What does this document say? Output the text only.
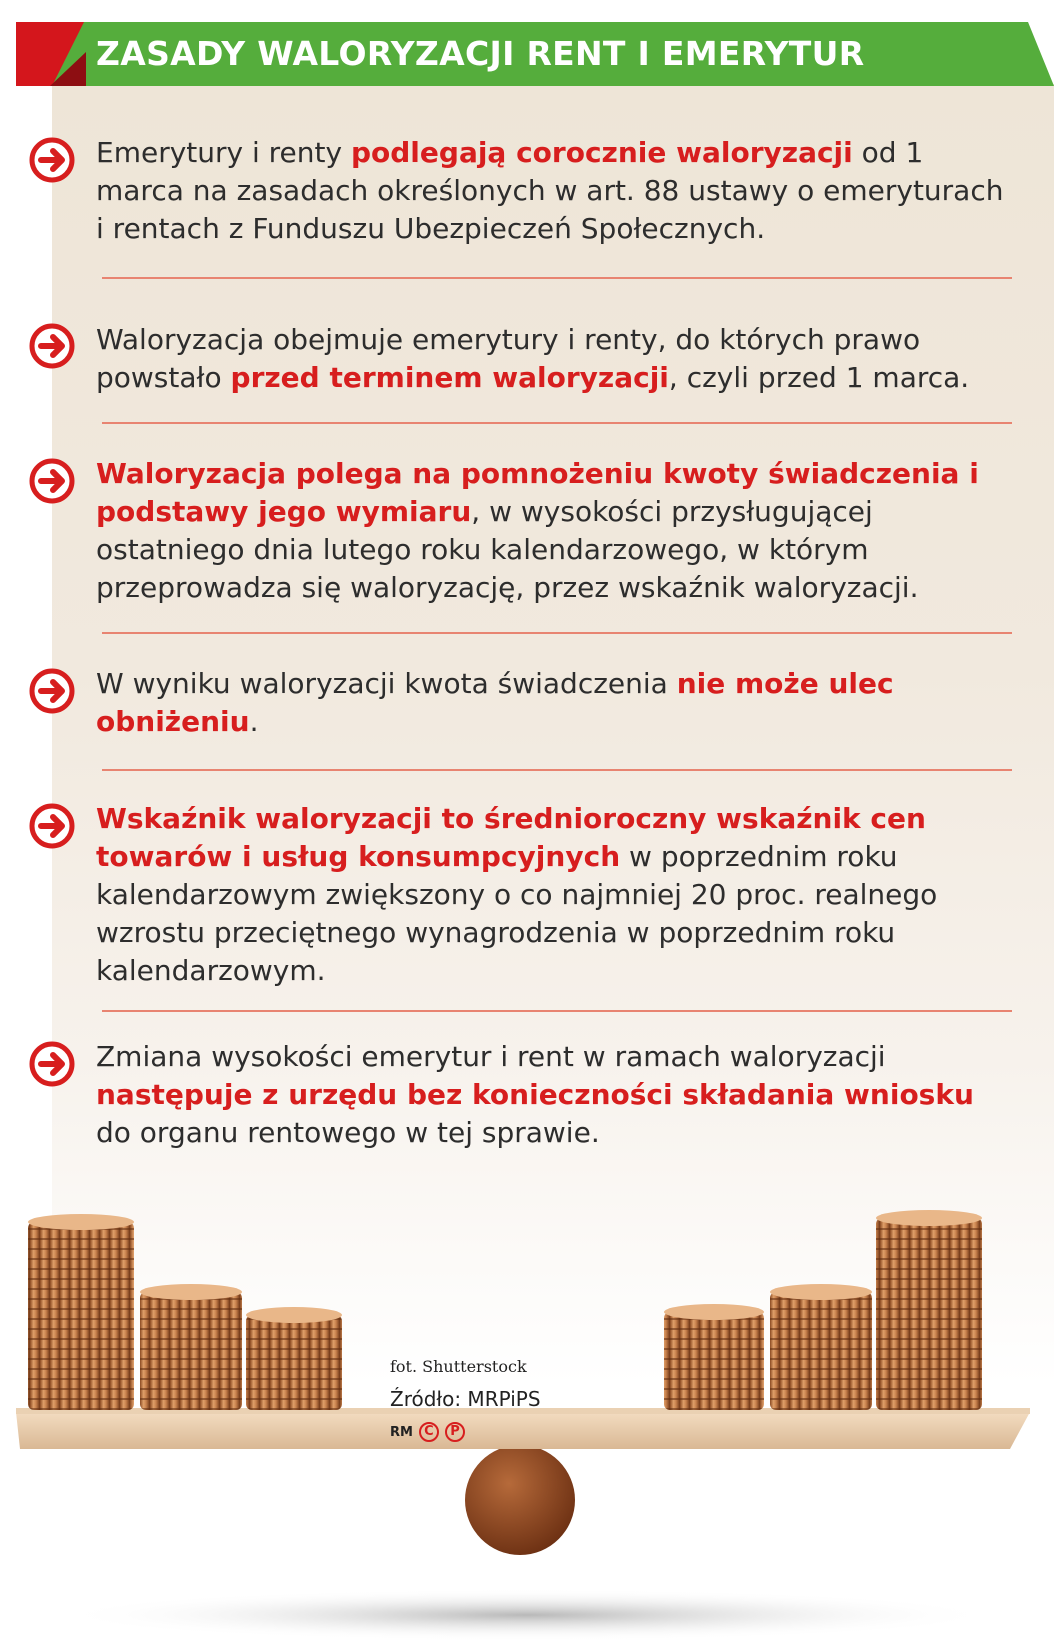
ZASADY WALORYZACJI RENT I EMERYTUR
Emerytury i renty podlegają corocznie waloryzacji od 1 marca na zasadach określonych w art. 88 ustawy o emeryturach i rentach z Funduszu Ubezpieczeń Społecznych.
Waloryzacja obejmuje emerytury i renty, do których prawo powstało przed terminem waloryzacji, czyli przed 1 marca.
Waloryzacja polega na pomnożeniu kwoty świadczenia i podstawy jego wymiaru, w wysokości przysługującej ostatniego dnia lutego roku kalendarzowego, w którym przeprowadza się waloryzację, przez wskaźnik waloryzacji.
W wyniku waloryzacji kwota świadczenia nie może ulec obniżeniu.
Wskaźnik waloryzacji to średnioroczny wskaźnik cen towarów i usług konsumpcyjnych w poprzednim roku kalendarzowym zwiększony o co najmniej 20 proc. realnego wzrostu przeciętnego wynagrodzenia w poprzednim roku kalendarzowym.
Zmiana wysokości emerytur i rent w ramach waloryzacji następuje z urzędu bez konieczności składania wniosku do organu rentowego w tej sprawie.
fot. Shutterstock
Źródło: MRPiPS
RM C	P
